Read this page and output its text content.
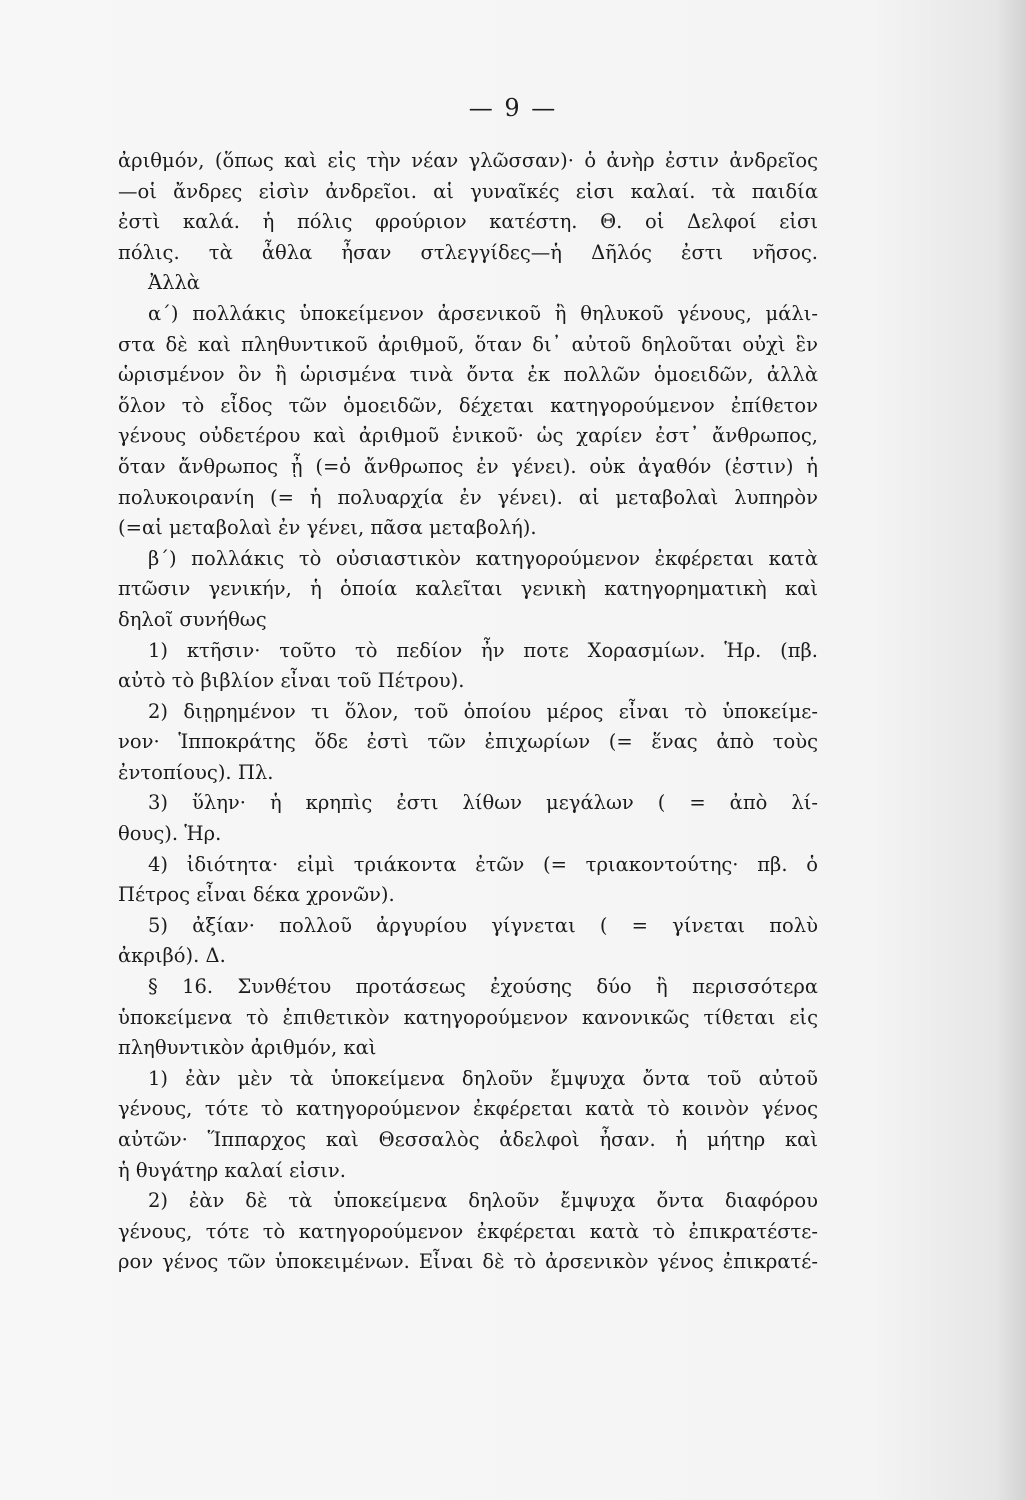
— 9 —
ἀριθμόν, (ὅπως καὶ εἰς τὴν νέαν γλῶσσαν)· ὁ ἀνὴρ ἐστιν ἀνδρεῖος
—οἱ ἄνδρες εἰσὶν ἀνδρεῖοι. αἱ γυναῖκές εἰσι καλαί. τὰ παιδία
ἐστὶ καλά. ἡ πόλις φρούριον κατέστη. Θ. οἱ Δελφοί εἰσι
πόλις. τὰ ἆθλα ἦσαν στλεγγίδες—ἡ Δῆλός ἐστι νῆσος.
Ἀλλὰ
α΄) πολλάκις ὑποκείμενον ἀρσενικοῦ ἢ θηλυκοῦ γένους, μάλι-
στα δὲ καὶ πληθυντικοῦ ἀριθμοῦ, ὅταν δι᾽ αὐτοῦ δηλοῦται οὐχὶ ἓν
ὡρισμένον ὂν ἢ ὡρισμένα τινὰ ὄντα ἐκ πολλῶν ὁμοειδῶν, ἀλλὰ
ὅλον τὸ εἶδος τῶν ὁμοειδῶν, δέχεται κατηγορούμενον ἐπίθετον
γένους οὐδετέρου καὶ ἀριθμοῦ ἑνικοῦ· ὡς χαρίεν ἐστ᾽ ἄνθρωπος,
ὅταν ἄνθρωπος ᾖ (=ὁ ἄνθρωπος ἐν γένει). οὐκ ἀγαθόν (ἐστιν) ἡ
πολυκοιρανίη (= ἡ πολυαρχία ἐν γένει). αἱ μεταβολαὶ λυπηρὸν
(=αἱ μεταβολαὶ ἐν γένει, πᾶσα μεταβολή).
β΄) πολλάκις τὸ οὐσιαστικὸν κατηγορούμενον ἐκφέρεται κατὰ
πτῶσιν γενικήν, ἡ ὁποία καλεῖται γενικὴ κατηγορηματικὴ καὶ
δηλοῖ συνήθως
1) κτῆσιν· τοῦτο τὸ πεδίον ἦν ποτε Χορασμίων. Ἡρ. (πβ.
αὐτὸ τὸ βιβλίον εἶναι τοῦ Πέτρου).
2) διῃρημένον τι ὅλον, τοῦ ὁποίου μέρος εἶναι τὸ ὑποκείμε-
νον· Ἱπποκράτης ὅδε ἐστὶ τῶν ἐπιχωρίων (= ἕνας ἀπὸ τοὺς
ἐντοπίους). Πλ.
3) ὕλην· ἡ κρηπὶς ἐστι λίθων μεγάλων ( = ἀπὸ λί-
θους). Ἡρ.
4) ἰδιότητα· εἰμὶ τριάκοντα ἐτῶν (= τριακοντούτης· πβ. ὁ
Πέτρος εἶναι δέκα χρονῶν).
5) ἀξίαν· πολλοῦ ἀργυρίου γίγνεται ( = γίνεται πολὺ
ἀκριβό). Δ.
§ 16. Συνθέτου προτάσεως ἐχούσης δύο ἢ περισσότερα
ὑποκείμενα τὸ ἐπιθετικὸν κατηγορούμενον κανονικῶς τίθεται εἰς
πληθυντικὸν ἀριθμόν, καὶ
1) ἐὰν μὲν τὰ ὑποκείμενα δηλοῦν ἔμψυχα ὄντα τοῦ αὐτοῦ
γένους, τότε τὸ κατηγορούμενον ἐκφέρεται κατὰ τὸ κοινὸν γένος
αὐτῶν· Ἵππαρχος καὶ Θεσσαλὸς ἀδελφοὶ ἦσαν. ἡ μήτηρ καὶ
ἡ θυγάτηρ καλαί εἰσιν.
2) ἐὰν δὲ τὰ ὑποκείμενα δηλοῦν ἔμψυχα ὄντα διαφόρου
γένους, τότε τὸ κατηγορούμενον ἐκφέρεται κατὰ τὸ ἐπικρατέστε-
ρον γένος τῶν ὑποκειμένων. Εἶναι δὲ τὸ ἀρσενικὸν γένος ἐπικρατέ-
